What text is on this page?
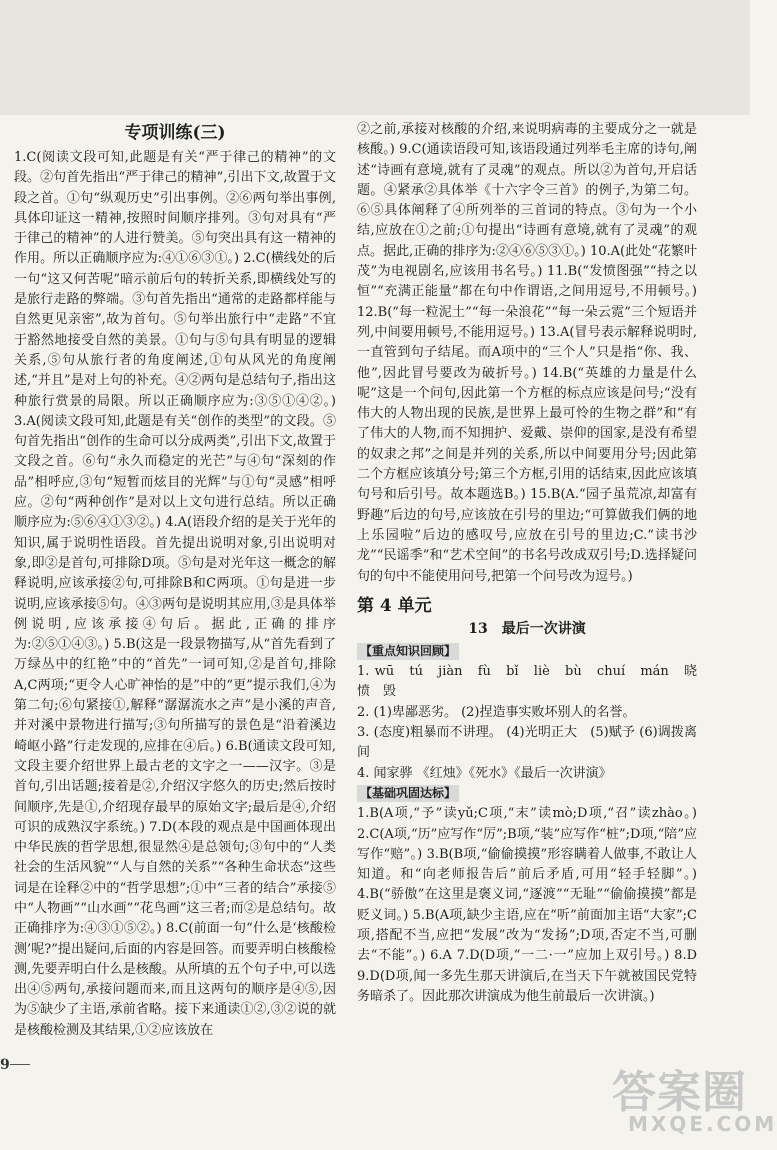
专项训练(三)

1.C(阅读文段可知,此题是有关“严于律己的精神”的文段。②句首先指出“严于律己的精神”,引出下文,故置于文段之首。①句“纵观历史”引出事例。②⑥两句举出事例,具体印证这一精神,按照时间顺序排列。③句对具有“严于律己的精神”的人进行赞美。⑤句突出具有这一精神的作用。所以正确顺序应为:④①⑥③①。) 2.C(横线处的后一句“这又何苦呢”暗示前后句的转折关系,即横线处写的是旅行走路的弊端。③句首先指出“通常的走路都样能与自然更见亲密”,故为首句。⑤句举出旅行中“走路”不宜于豁然地接受自然的美景。①句与⑤句具有明显的逻辑关系,⑤句从旅行者的角度阐述,①句从风光的角度阐述,“并且”是对上句的补充。④②两句是总结句子,指出这种旅行赏景的局限。所以正确顺序应为:③⑤①④②。) 3.A(阅读文段可知,此题是有关“创作的类型”的文段。⑤句首先指出“创作的生命可以分成两类”,引出下文,故置于文段之首。⑥句“永久而稳定的光芒”与④句“深刻的作品”相呼应,③句“短暂而炫目的光辉”与①句“灵感”相呼应。②句“两种创作”是对以上文句进行总结。所以正确顺序应为:⑤⑥④①③②。) 4.A(语段介绍的是关于光年的知识,属于说明性语段。首先提出说明对象,引出说明对象,即②是首句,可排除D项。⑤句是对光年这一概念的解释说明,应该承接②句,可排除B和C两项。①句是进一步说明,应该承接⑤句。④③两句是说明其应用,③是具体举例说明,应该承接④句后。据此,正确的排序为:②⑤①④③。) 5.B(这是一段景物描写,从“首先看到了万绿丛中的红艳”中的“首先”一词可知,②是首句,排除A,C两项;“更令人心旷神怡的是”中的“更”提示我们,④为第二句;⑥句紧接①,解释“潺潺流水之声”是小溪的声音,并对溪中景物进行描写;③句所描写的景色是“沿着溪边崎岖小路”行走发现的,应排在④后。) 6.B(通读文段可知,文段主要介绍世界上最古老的文字之一——汉字。③是首句,引出话题;接着是②,介绍汉字悠久的历史;然后按时间顺序,先是①,介绍现存最早的原始文字;最后是④,介绍可识的成熟汉字系统。) 7.D(本段的观点是中国画体现出中华民族的哲学思想,很显然④是总领句;③句中的“人类社会的生活风貌”“人与自然的关系”“各种生命状态”这些词是在诠释②中的“哲学思想”;①中“三者的结合”承接⑤中“人物画”“山水画”“花鸟画”这三者;而②是总结句。故正确排序为:④③①⑤②。) 8.C(前面一句“什么是‘核酸检测’呢?”提出疑问,后面的内容是回答。而要弄明白核酸检测,先要弄明白什么是核酸。从所填的五个句子中,可以选出④⑤两句,承接问题而来,而且这两句的顺序是④⑤,因为⑤缺少了主语,承前省略。接下来通读①②,③②说的就是核酸检测及其结果,①②应该放在

②之前,承接对核酸的介绍,来说明病毒的主要成分之一就是核酸。) 9.C(通读语段可知,该语段通过列举毛主席的诗句,阐述“诗画有意境,就有了灵魂”的观点。所以②为首句,开启话题。④紧承②具体举《十六字令三首》的例子,为第二句。⑥⑤具体阐释了④所列举的三首词的特点。③句为一个小结,应放在①之前;①句提出“诗画有意境,就有了灵魂”的观点。据此,正确的排序为:②④⑥⑤③①。) 10.A(此处“花繁叶茂”为电视剧名,应该用书名号。) 11.B(“发愤图强”“持之以恒”“充满正能量”都在句中作谓语,之间用逗号,不用顿号。) 12.B(“每一粒泥土”“每一朵浪花”“每一朵云霓”三个短语并列,中间要用顿号,不能用逗号。) 13.A(冒号表示解释说明时,一直管到句子结尾。而A项中的“三个人”只是指“你、我、他”,因此冒号要改为破折号。) 14.B(“英雄的力量是什么呢”这是一个问句,因此第一个方框的标点应该是问号;“没有伟大的人物出现的民族,是世界上最可怜的生物之群”和“有了伟大的人物,而不知拥护、爱戴、崇仰的国家,是没有希望的奴隶之邦”之间是并列的关系,所以中间要用分号;因此第二个方框应该填分号;第三个方框,引用的话结束,因此应该填句号和后引号。故本题选B。) 15.B(A.“园子虽荒凉,却富有野趣”后边的句号,应该放在引号的里边;“可算做我们俩的地上乐园啦”后边的感叹号,应放在引号的里边;C.“读书沙龙”“民谣季”和“艺术空间”的书名号改成双引号;D.选择疑问句的句中不能使用问号,把第一个问号改为逗号。)

第 4 单元
13　最后一次讲演
【重点知识回顾】

1. wū　tú　jiàn　fù　bǐ　liè　bù　chuí　mán　晓　愤　毁

2. (1)卑鄙恶劣。 (2)捏造事实败坏别人的名誉。

3. (态度)粗暴而不讲理。 (4)光明正大　(5)赋予 (6)调拨离间

4. 闻家骅 《红烛》《死水》《最后一次讲演》

【基础巩固达标】

1.B(A项,“予”读yǔ;C项,“末”读mò;D项,“召”读zhào。) 2.C(A项,“历”应写作“厉”;B项,“装”应写作“桩”;D项,“陪”应写作“赔”。) 3.B(B项,“偷偷摸摸”形容瞒着人做事,不敢让人知道。和“向老师报告后”前后矛盾,可用“轻手轻脚”。) 4.B(“骄傲”在这里是褒义词,“逐渡”“无耻”“偷偷摸摸”都是贬义词。) 5.B(A项,缺少主语,应在“听”前面加主语“大家”;C项,搭配不当,应把“发展”改为“发扬”;D项,否定不当,可删去“不能”。) 6.A 7.D(D项,“一二·一”应加上双引号。) 8.D 9.D(D项,闻一多先生那天讲演后,在当天下午就被国民党特务暗杀了。因此那次讲演成为他生前最后一次讲演。)

9
答案圈
MXQE.COM
